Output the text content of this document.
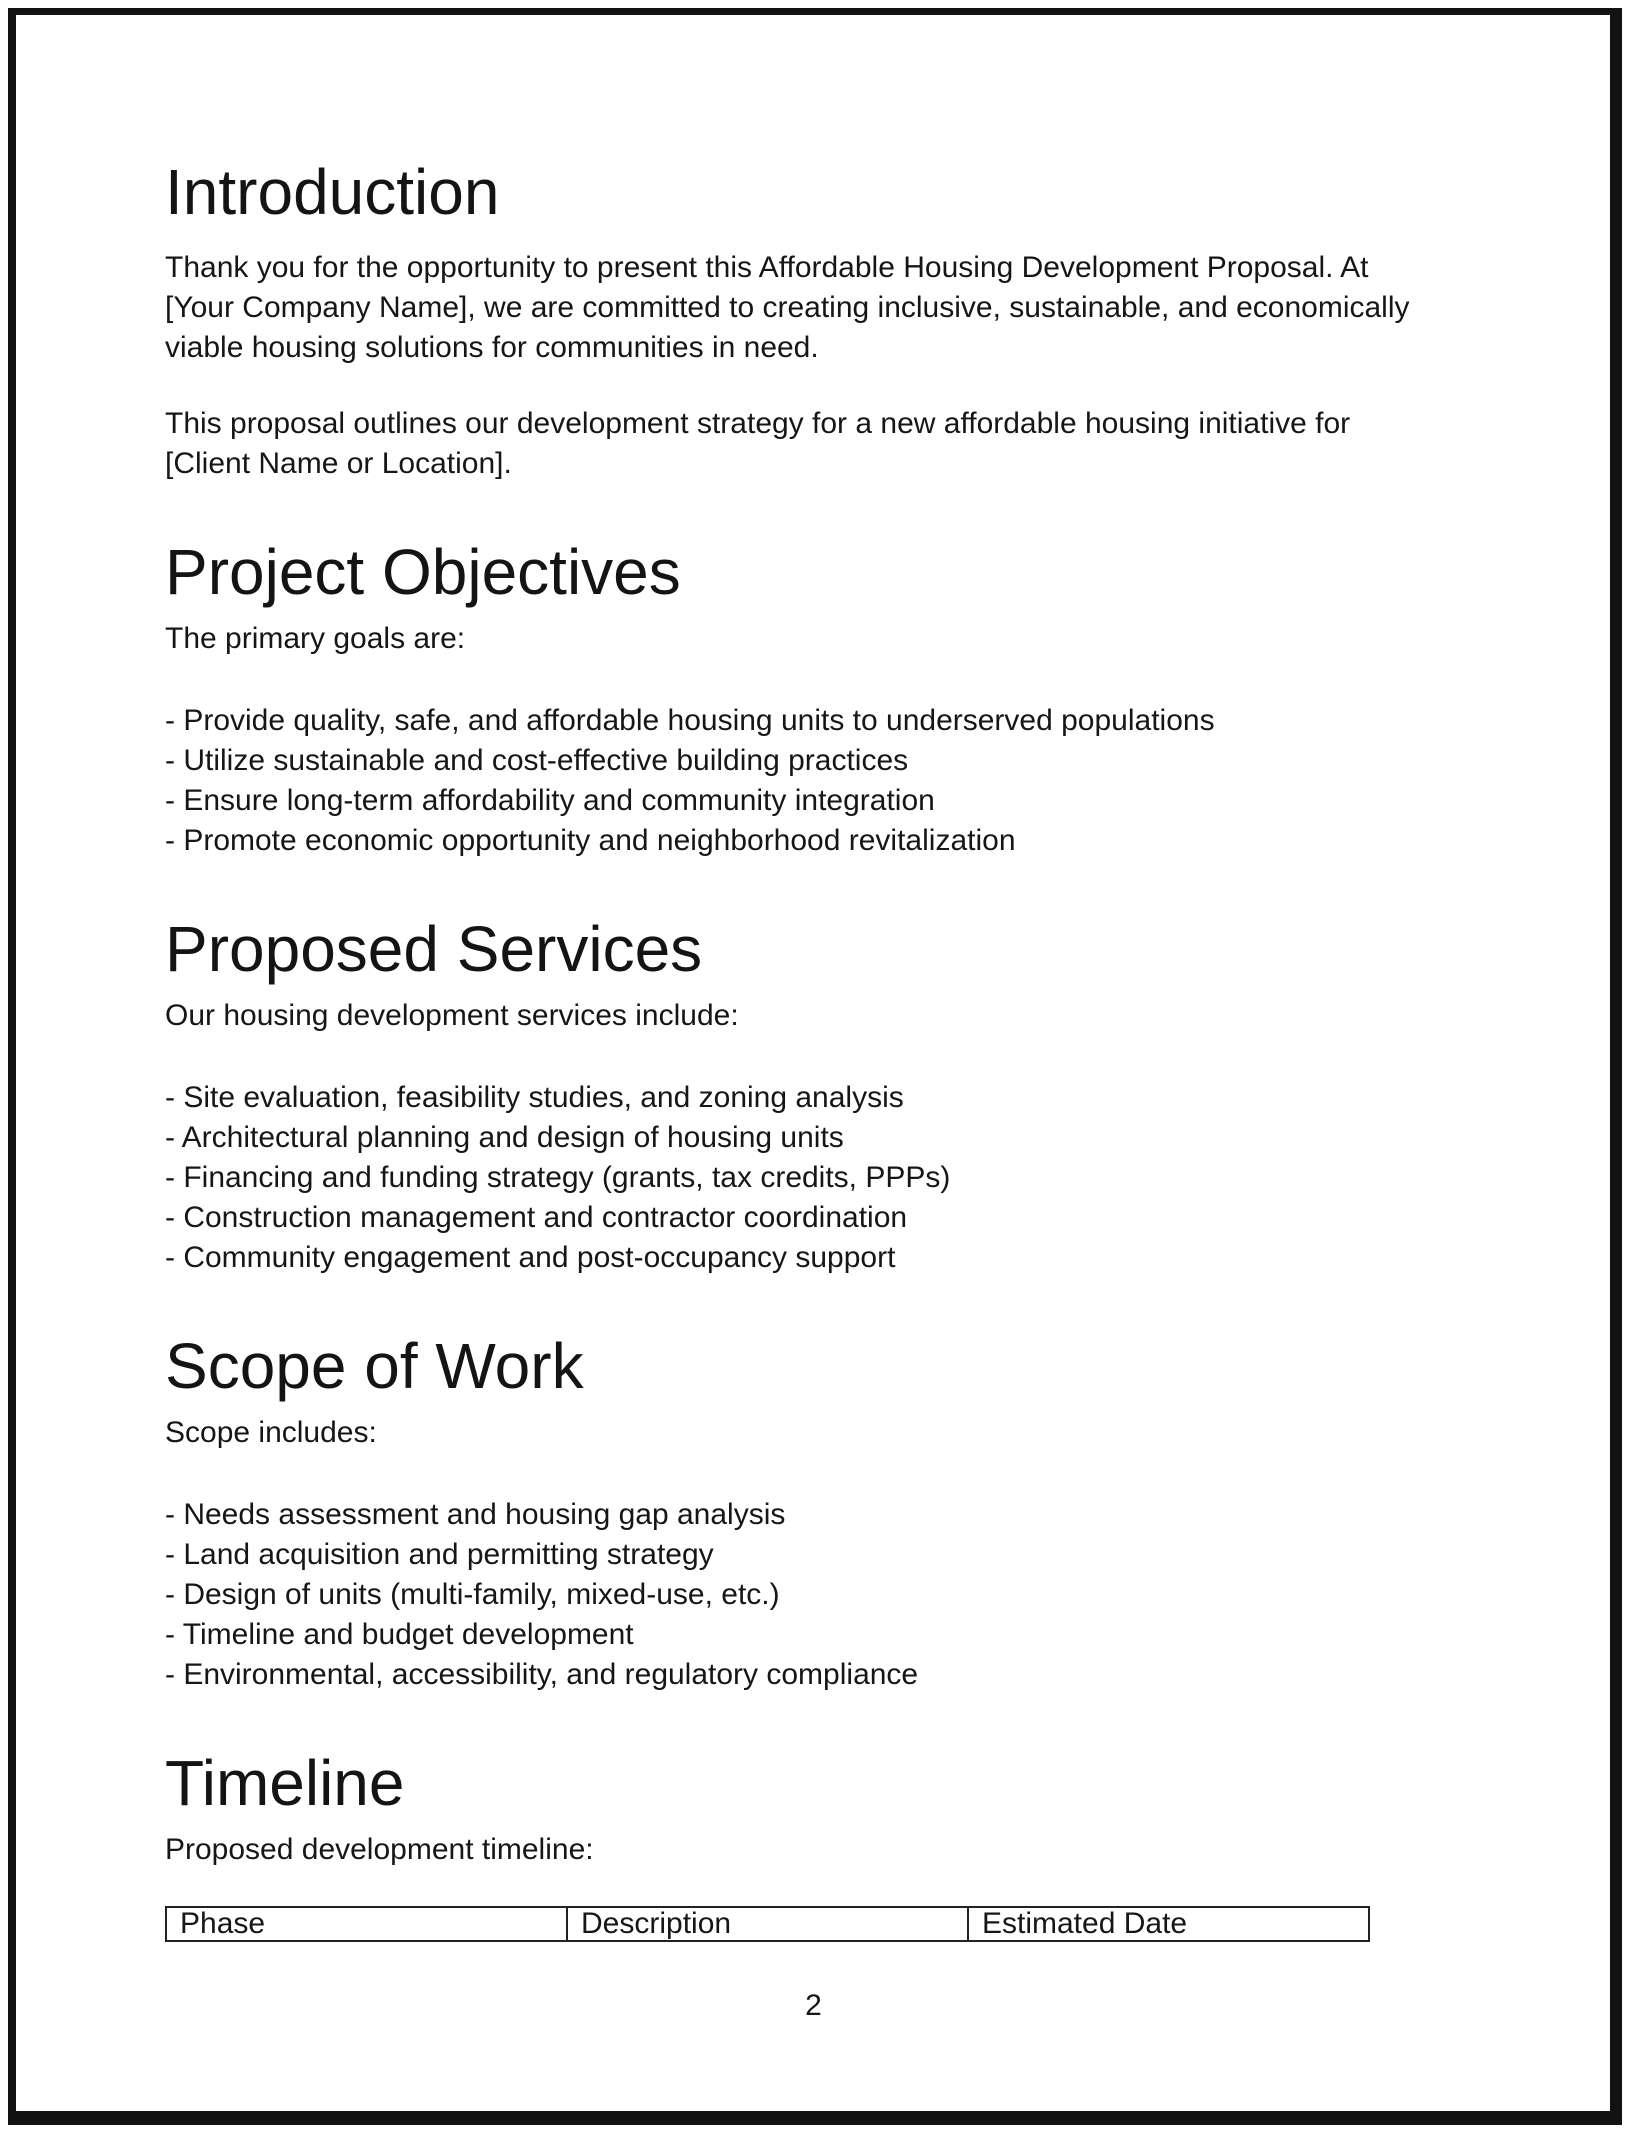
Introduction
Thank you for the opportunity to present this Affordable Housing Development Proposal. At
[Your Company Name], we are committed to creating inclusive, sustainable, and economically
viable housing solutions for communities in need.
This proposal outlines our development strategy for a new affordable housing initiative for
[Client Name or Location].
Project Objectives
The primary goals are:
- Provide quality, safe, and affordable housing units to underserved populations
- Utilize sustainable and cost-effective building practices
- Ensure long-term affordability and community integration
- Promote economic opportunity and neighborhood revitalization
Proposed Services
Our housing development services include:
- Site evaluation, feasibility studies, and zoning analysis
- Architectural planning and design of housing units
- Financing and funding strategy (grants, tax credits, PPPs)
- Construction management and contractor coordination
- Community engagement and post-occupancy support
Scope of Work
Scope includes:
- Needs assessment and housing gap analysis
- Land acquisition and permitting strategy
- Design of units (multi-family, mixed-use, etc.)
- Timeline and budget development
- Environmental, accessibility, and regulatory compliance
Timeline
Proposed development timeline:
Phase	Description	Estimated Date
2
